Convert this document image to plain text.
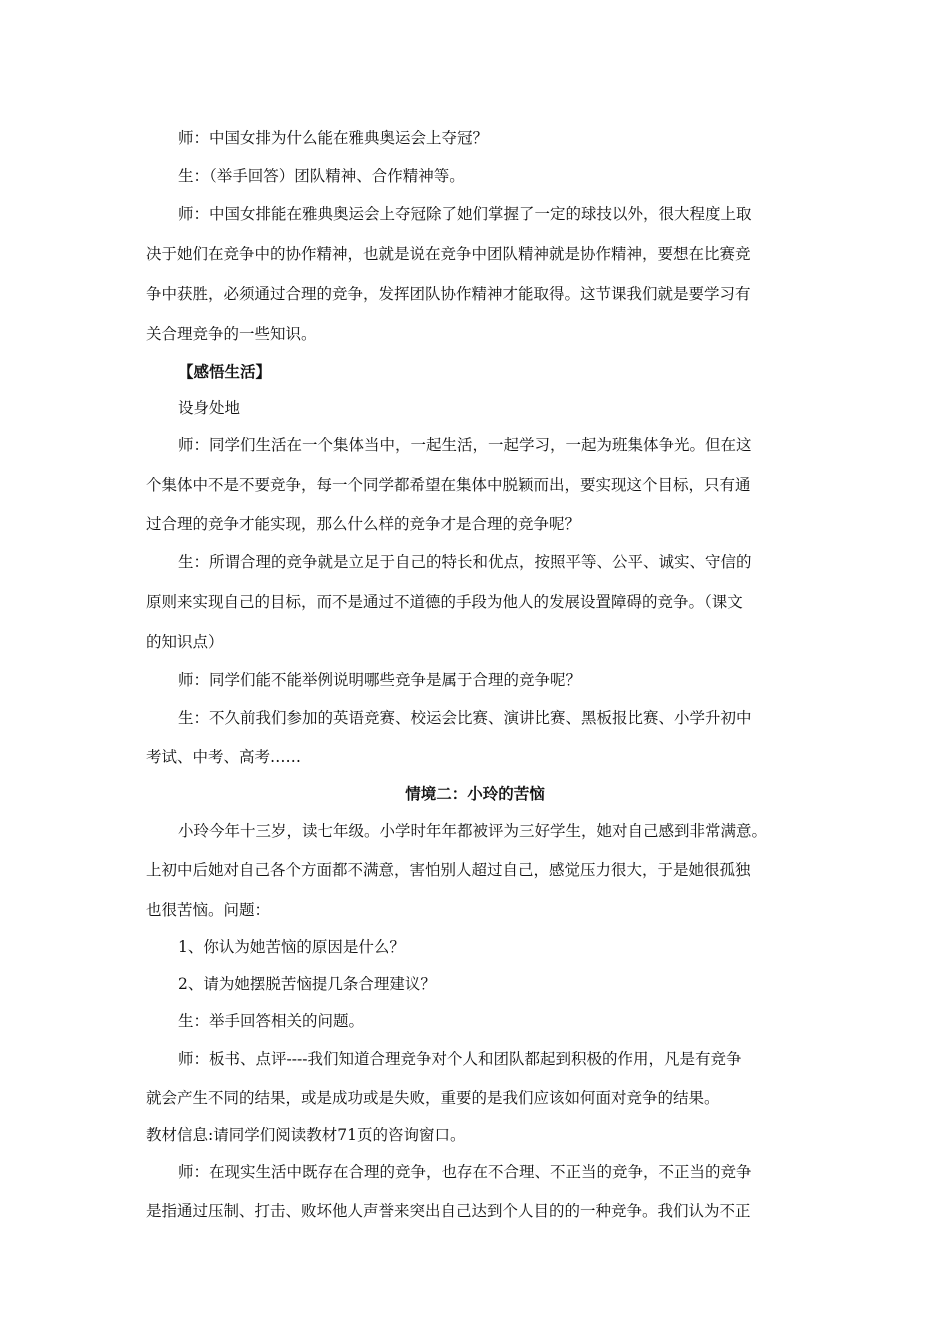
师：中国女排为什么能在雅典奥运会上夺冠？
生：（举手回答）团队精神、合作精神等。
师：中国女排能在雅典奥运会上夺冠除了她们掌握了一定的球技以外，很大程度上取
决于她们在竞争中的协作精神，也就是说在竞争中团队精神就是协作精神，要想在比赛竞
争中获胜，必须通过合理的竞争，发挥团队协作精神才能取得。这节课我们就是要学习有
关合理竞争的一些知识。
【感悟生活】
设身处地
师：同学们生活在一个集体当中，一起生活，一起学习，一起为班集体争光。但在这
个集体中不是不要竞争，每一个同学都希望在集体中脱颖而出，要实现这个目标，只有通
过合理的竞争才能实现，那么什么样的竞争才是合理的竞争呢？
生：所谓合理的竞争就是立足于自己的特长和优点，按照平等、公平、诚实、守信的
原则来实现自己的目标，而不是通过不道德的手段为他人的发展设置障碍的竞争。（课文
的知识点）
师：同学们能不能举例说明哪些竞争是属于合理的竞争呢？
生：不久前我们参加的英语竞赛、校运会比赛、演讲比赛、黑板报比赛、小学升初中
考试、中考、高考……
情境二：小玲的苦恼
小玲今年十三岁，读七年级。小学时年年都被评为三好学生，她对自己感到非常满意。
上初中后她对自己各个方面都不满意，害怕别人超过自己，感觉压力很大，于是她很孤独
也很苦恼。问题：
1、你认为她苦恼的原因是什么？
2、请为她摆脱苦恼提几条合理建议？
生：举手回答相关的问题。
师：板书、点评----我们知道合理竞争对个人和团队都起到积极的作用，凡是有竞争
就会产生不同的结果，或是成功或是失败，重要的是我们应该如何面对竞争的结果。
教材信息:请同学们阅读教材71页的咨询窗口。
师：在现实生活中既存在合理的竞争，也存在不合理、不正当的竞争，不正当的竞争
是指通过压制、打击、败坏他人声誉来突出自己达到个人目的的一种竞争。我们认为不正
